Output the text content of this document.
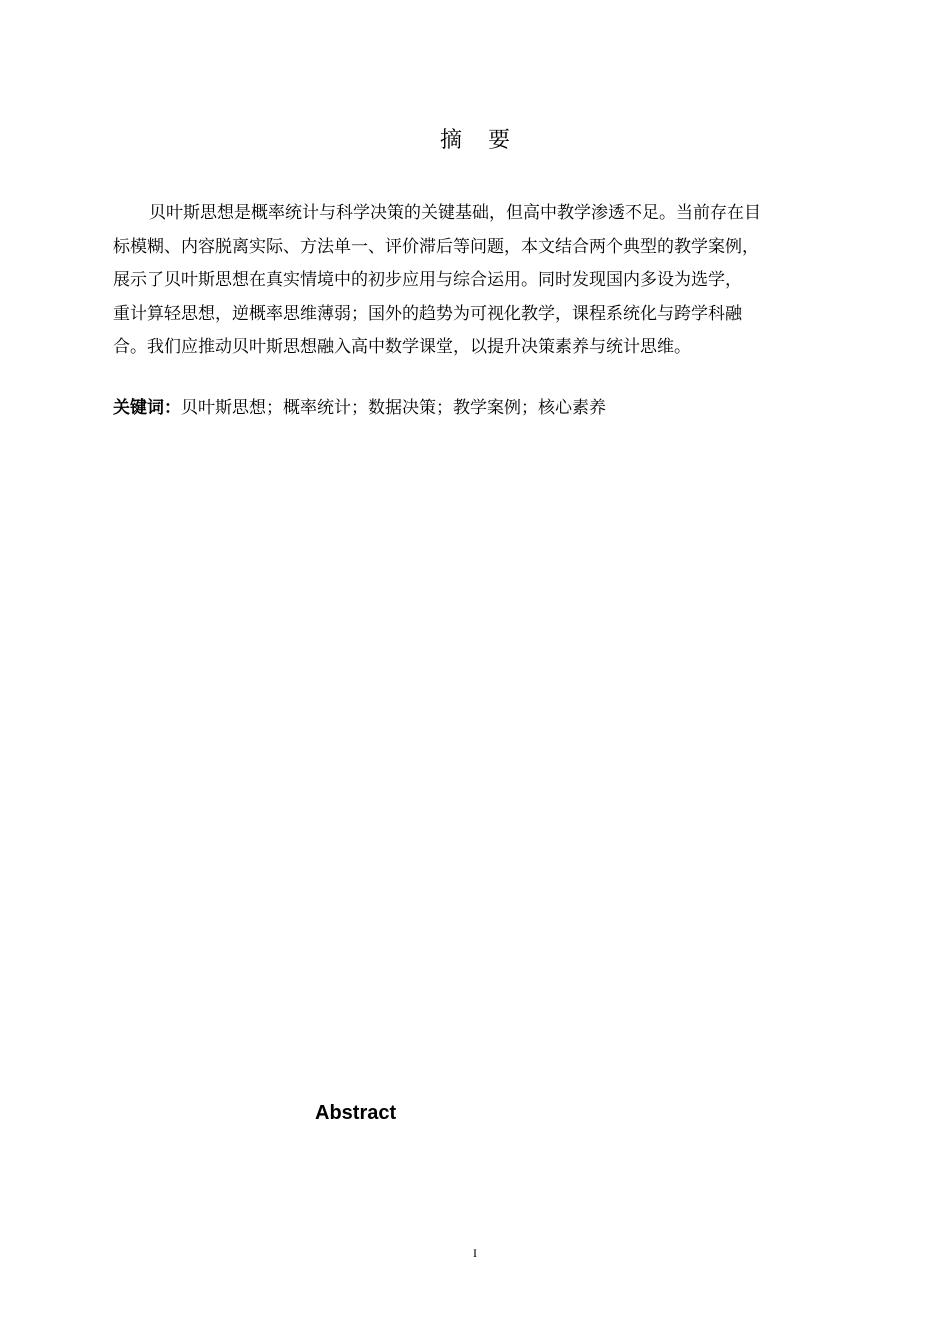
摘要
贝叶斯思想是概率统计与科学决策的关键基础，但高中教学渗透不足。当前存在目
标模糊、内容脱离实际、方法单一、评价滞后等问题，本文结合两个典型的教学案例，
展示了贝叶斯思想在真实情境中的初步应用与综合运用。同时发现国内多设为选学，
重计算轻思想，逆概率思维薄弱；国外的趋势为可视化教学，课程系统化与跨学科融
合。我们应推动贝叶斯思想融入高中数学课堂，以提升决策素养与统计思维。
关键词：贝叶斯思想；概率统计；数据决策；教学案例；核心素养
Abstract
I
